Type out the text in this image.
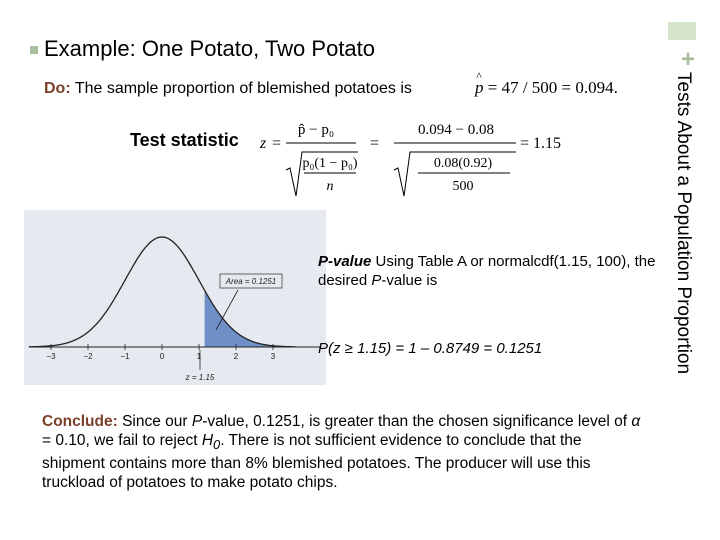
Example: One Potato, Two Potato	+
Tests About a Population Proportion
Do: The sample proportion of blemished potatoes is
^	p = 47 / 500 = 0.094.
Test statistic z =
p̂ − p₀
p₀(1 − p₀)
n
=
0.094 − 0.08
0.08(0.92)
500
= 1.15
−3	−2	−1	0	1	2	3
z = 1.15
Area = 0.1251
P-value Using Table A or normalcdf(1.15, 100), the desired P-value is
P(z ≥ 1.15) = 1 – 0.8749 = 0.1251
Conclude: Since our P-value, 0.1251, is greater than the chosen significance level of α = 0.10, we fail to reject $H_0$. There is not sufficient evidence to conclude that the shipment contains more than 8% blemished potatoes. The producer will use this truckload of potatoes to make potato chips.
